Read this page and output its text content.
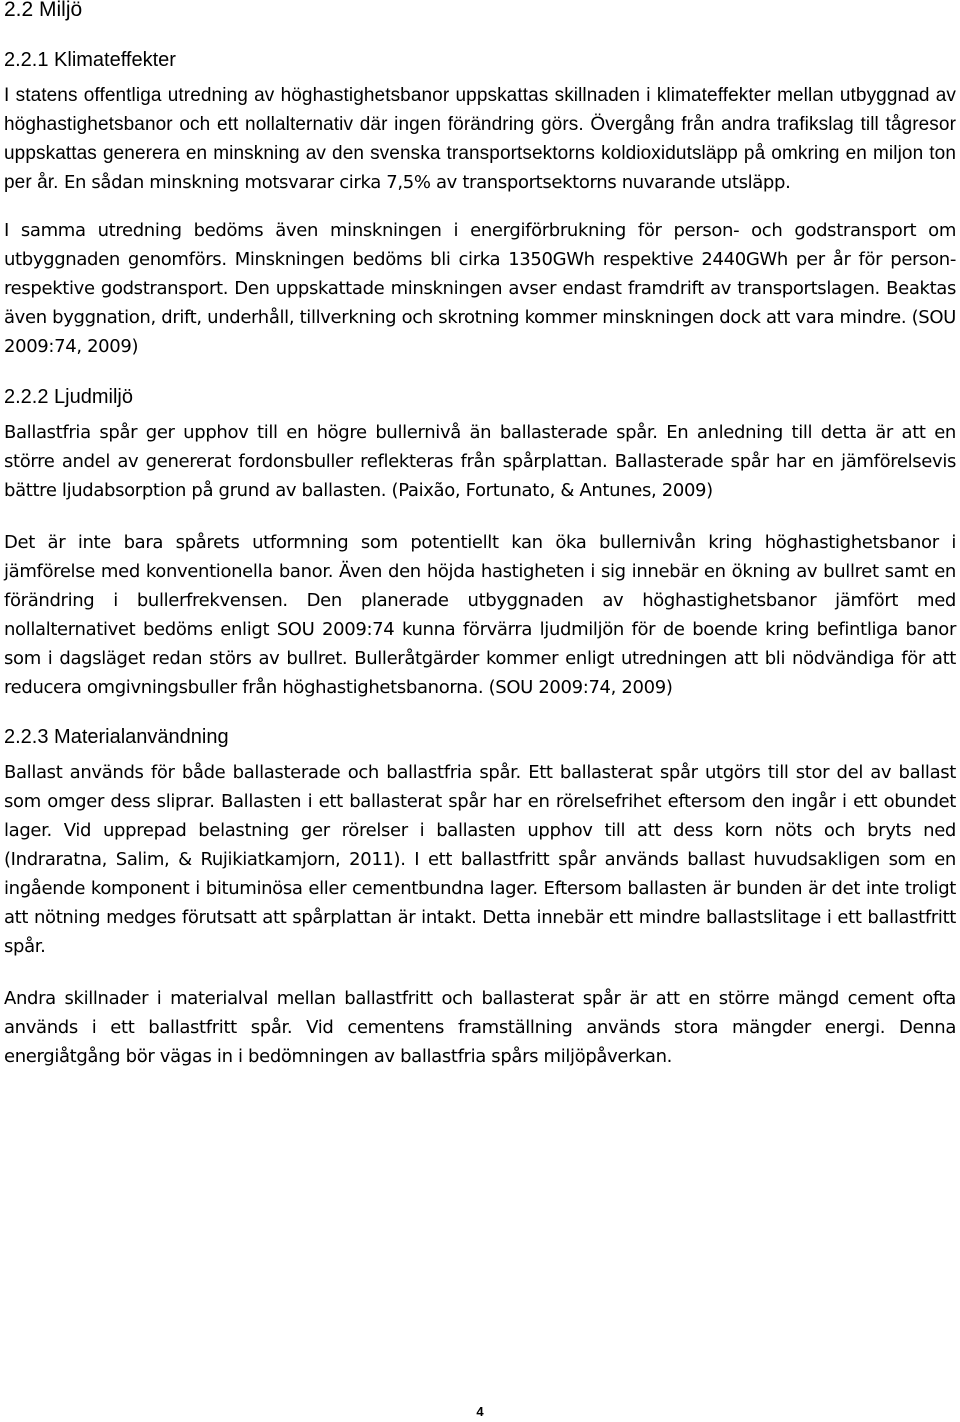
2.2 Miljö
2.2.1 Klimateffekter

I statens offentliga utredning av höghastighetsbanor uppskattas skillnaden i klimateffekter mellan utbyggnad av höghastighetsbanor och ett nollalternativ där ingen förändring görs. Övergång från andra trafikslag till tågresor uppskattas generera en minskning av den svenska transportsektorns koldioxidutsläpp på omkring en miljon ton per år. En sådan minskning motsvarar cirka 7,5% av transportsektorns nuvarande utsläpp.

I samma utredning bedöms även minskningen i energiförbrukning för person- och godstransport om utbyggnaden genomförs. Minskningen bedöms bli cirka 1350GWh respektive 2440GWh per år för person- respektive godstransport. Den uppskattade minskningen avser endast framdrift av transportslagen. Beaktas även byggnation, drift, underhåll, tillverkning och skrotning kommer minskningen dock att vara mindre. (SOU 2009:74, 2009)

2.2.2 Ljudmiljö

Ballastfria spår ger upphov till en högre bullernivå än ballasterade spår. En anledning till detta är att en större andel av genererat fordonsbuller reflekteras från spårplattan. Ballasterade spår har en jämförelsevis bättre ljudabsorption på grund av ballasten. (Paixão, Fortunato, & Antunes, 2009)

Det är inte bara spårets utformning som potentiellt kan öka bullernivån kring höghastighetsbanor i jämförelse med konventionella banor. Även den höjda hastigheten i sig innebär en ökning av bullret samt en förändring i bullerfrekvensen. Den planerade utbyggnaden av höghastighetsbanor jämfört med nollalternativet bedöms enligt SOU 2009:74 kunna förvärra ljudmiljön för de boende kring befintliga banor som i dagsläget redan störs av bullret. Bulleråtgärder kommer enligt utredningen att bli nödvändiga för att reducera omgivningsbuller från höghastighetsbanorna. (SOU 2009:74, 2009)

2.2.3 Materialanvändning

Ballast används för både ballasterade och ballastfria spår. Ett ballasterat spår utgörs till stor del av ballast som omger dess sliprar. Ballasten i ett ballasterat spår har en rörelsefrihet eftersom den ingår i ett obundet lager. Vid upprepad belastning ger rörelser i ballasten upphov till att dess korn nöts och bryts ned (Indraratna, Salim, & Rujikiatkamjorn, 2011). I ett ballastfritt spår används ballast huvudsakligen som en ingående komponent i bituminösa eller cementbundna lager. Eftersom ballasten är bunden är det inte troligt att nötning medges förutsatt att spårplattan är intakt. Detta innebär ett mindre ballastslitage i ett ballastfritt spår.

Andra skillnader i materialval mellan ballastfritt och ballasterat spår är att en större mängd cement ofta används i ett ballastfritt spår. Vid cementens framställning används stora mängder energi. Denna energiåtgång bör vägas in i bedömningen av ballastfria spårs miljöpåverkan.

4
